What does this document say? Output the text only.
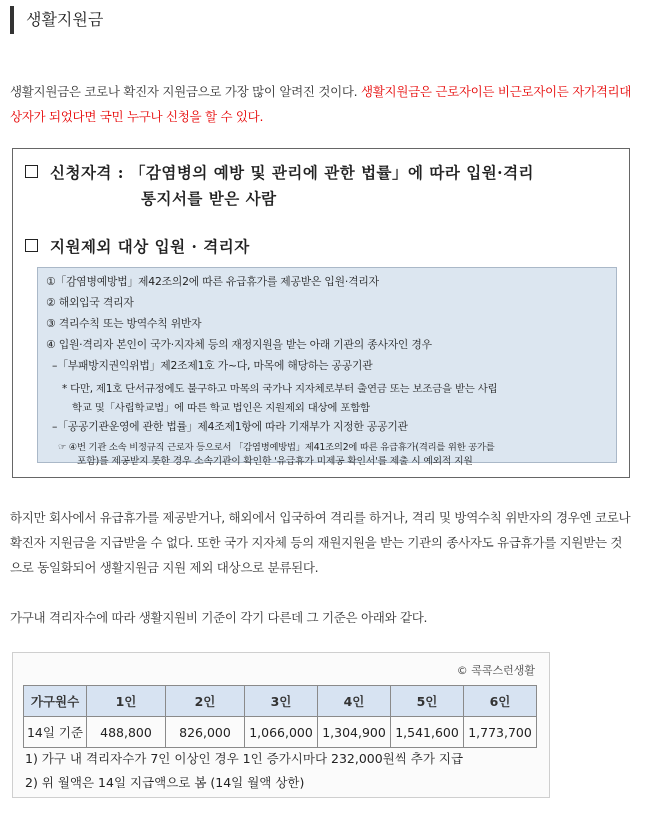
생활지원금
생활지원금은 코로나 확진자 지원금으로 가장 많이 알려진 것이다. 생활지원금은 근로자이든 비근로자이든 자가격리대상자가 되었다면 국민 누구나 신청을 할 수 있다.
신청자격 : 「감염병의 예방 및 관리에 관한 법률」에 따라 입원·격리
통지서를 받은 사람
지원제외 대상 입원 · 격리자
①「감염병예방법」제42조의2에 따른 유급휴가를 제공받은 입원·격리자
② 해외입국 격리자
③ 격리수칙 또는 방역수칙 위반자
④ 입원·격리자 본인이 국가·지자체 등의 재정지원을 받는 아래 기관의 종사자인 경우
–「부패방지권익위법」제2조제1호 가~다, 마목에 해당하는 공공기관
* 다만, 제1호 단서규정에도 불구하고 마목의 국가나 지자체로부터 출연금 또는 보조금을 받는 사립
학교 및「사립학교법」에 따른 학교 법인은 지원제외 대상에 포함함
–「공공기관운영에 관한 법률」제4조제1항에 따라 기재부가 지정한 공공기관
☞ ④번 기관 소속 비정규직 근로자 등으로서 「감염병예방법」제41조의2에 따른 유급휴가(격리를 위한 공가를
포함)를 제공받지 못한 경우 소속기관이 확인한 '유급휴가 미제공 확인서'를 제출 시 예외적 지원
하지만 회사에서 유급휴가를 제공받거나, 해외에서 입국하여 격리를 하거나, 격리 및 방역수칙 위반자의 경우엔 코로나 확진자 지원금을 지급받을 수 없다. 또한 국가 지자체 등의 재원지원을 받는 기관의 종사자도 유급휴가를 지원받는 것으로 동일화되어 생활지원금 지원 제외 대상으로 분류된다.
가구내 격리자수에 따라 생활지원비 기준이 각기 다른데 그 기준은 아래와 같다.
© 콕콕스런생활
가구원수	1인	2인	3인	4인	5인	6인
14일 기준	488,800	826,000	1,066,000	1,304,900	1,541,600	1,773,700
1) 가구 내 격리자수가 7인 이상인 경우 1인 증가시마다 232,000원씩 추가 지급
2) 위 월액은 14일 지급액으로 봄 (14일 월액 상한)
